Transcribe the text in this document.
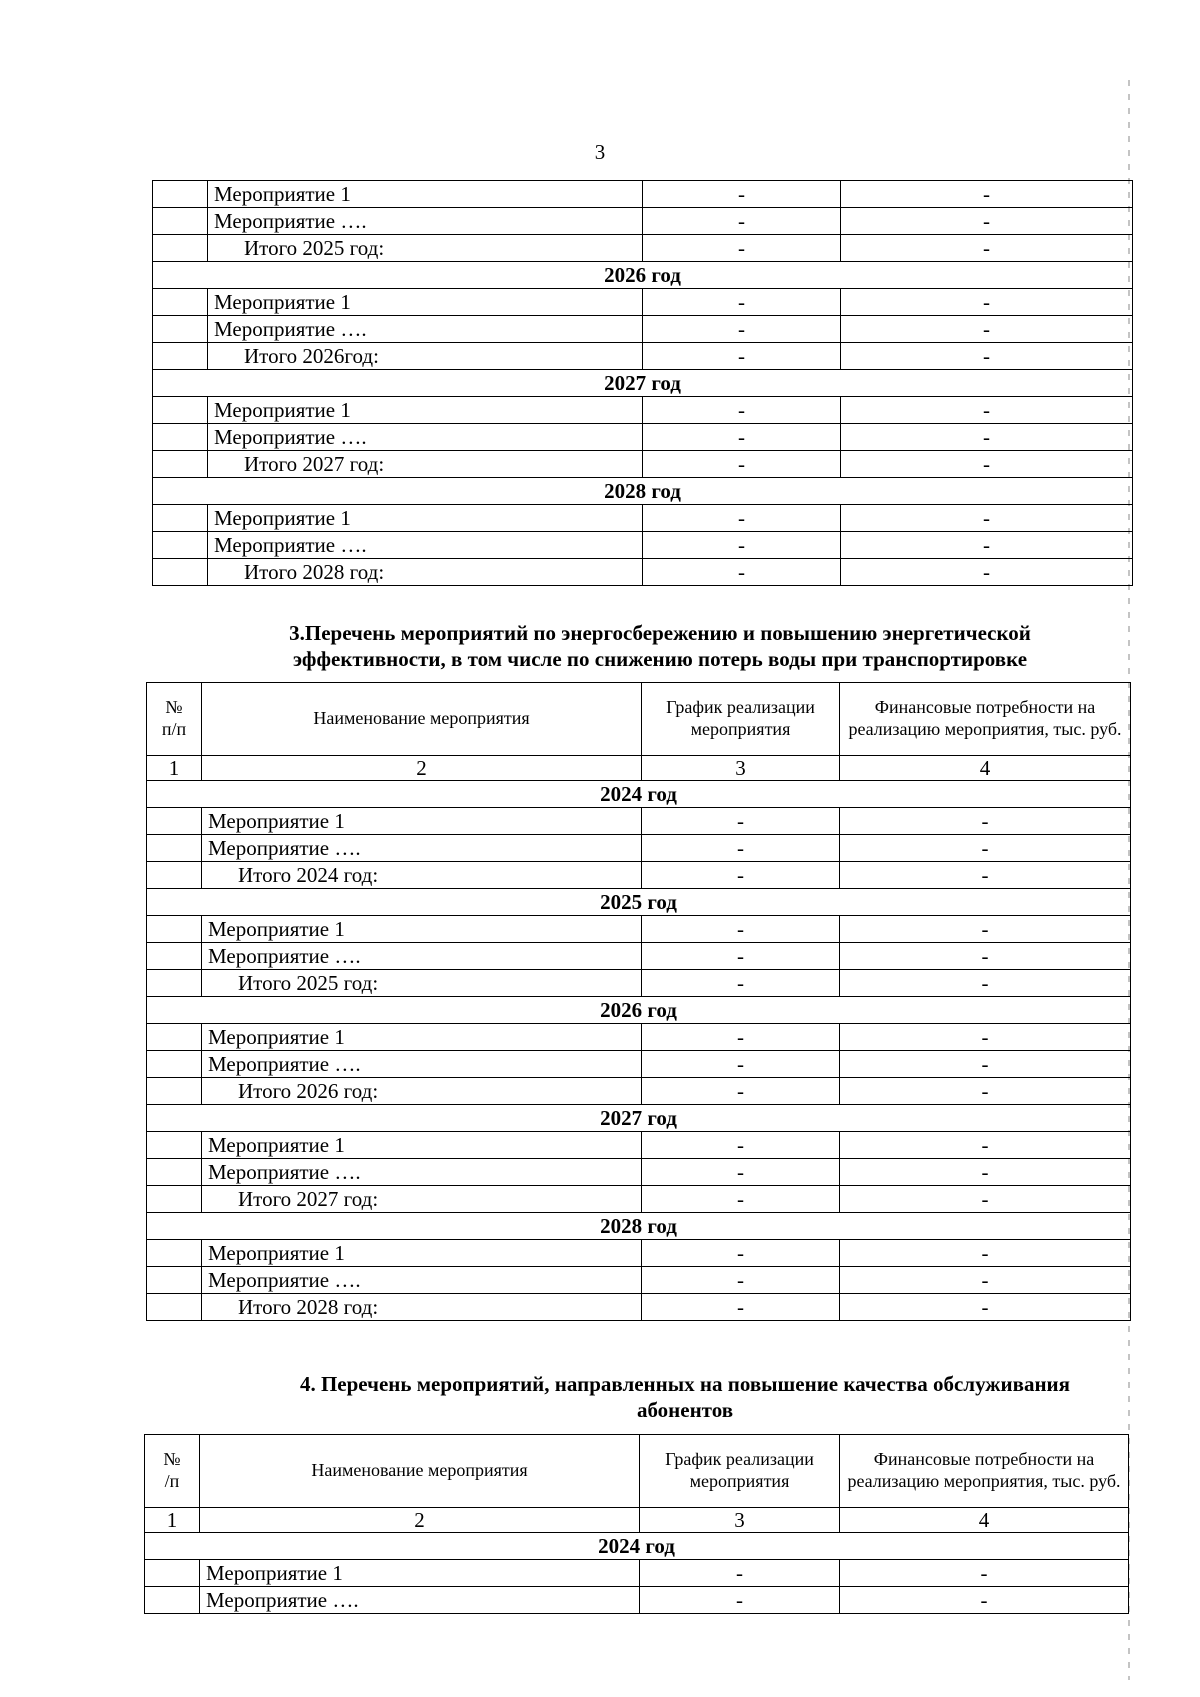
3
	Мероприятие 1	-	-
	Мероприятие ….	-	-
	Итого 2025 год:	-	-
2026 год			
	Мероприятие 1	-	-
	Мероприятие ….	-	-
	Итого 2026год:	-	-
2027 год			
	Мероприятие 1	-	-
	Мероприятие ….	-	-
	Итого 2027 год:	-	-
2028 год			
	Мероприятие 1	-	-
	Мероприятие ….	-	-
	Итого 2028 год:	-	-
3.Перечень мероприятий по энергосбережению и повышению энергетической
эффективности, в том числе по снижению потерь воды при транспортировке
№
п/п	Наименование мероприятия	График реализации мероприятия	Финансовые потребности на реализацию мероприятия, тыс. руб.
1	2	3	4
2024 год			
	Мероприятие 1	-	-
	Мероприятие ….	-	-
	Итого 2024 год:	-	-
2025 год			
	Мероприятие 1	-	-
	Мероприятие ….	-	-
	Итого 2025 год:	-	-
2026 год			
	Мероприятие 1	-	-
	Мероприятие ….	-	-
	Итого 2026 год:	-	-
2027 год			
	Мероприятие 1	-	-
	Мероприятие ….	-	-
	Итого 2027 год:	-	-
2028 год			
	Мероприятие 1	-	-
	Мероприятие ….	-	-
	Итого 2028 год:	-	-
4. Перечень мероприятий, направленных на повышение качества обслуживания
абонентов
№
/п	Наименование мероприятия	График реализации мероприятия	Финансовые потребности на реализацию мероприятия, тыс. руб.
1	2	3	4
2024 год			
	Мероприятие 1	-	-
	Мероприятие ….	-	-
